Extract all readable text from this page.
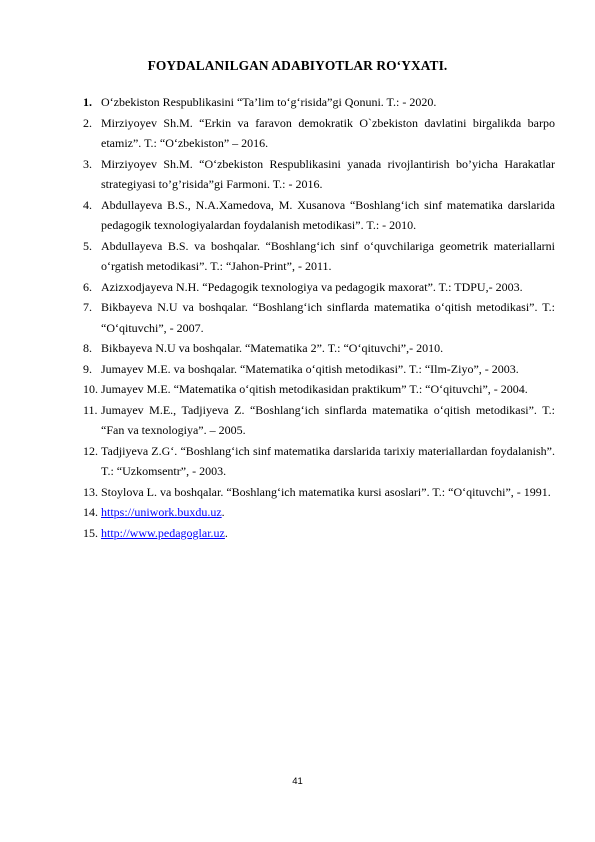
FOYDALANILGAN ADABIYOTLAR RO‘YXATI.
1. O‘zbekiston Respublikasini “Ta’lim to‘g‘risida”gi Qonuni. T.: - 2020.
2. Mirziyoyev Sh.M. “Erkin va faravon demokratik O`zbekiston davlatini birgalikda barpo etamiz”. T.: “O‘zbekiston” – 2016.
3. Mirziyoyev Sh.M. “O‘zbekiston Respublikasini yanada rivojlantirish bo’yicha Harakatlar strategiyasi to’g’risida”gi Farmoni. T.: - 2016.
4. Abdullayeva B.S., N.A.Xamedova, M. Xusanova “Boshlang‘ich sinf matematika darslarida pedagogik texnologiyalardan foydalanish metodikasi”. T.: - 2010.
5. Abdullayeva B.S. va boshqalar. “Boshlang‘ich sinf o‘quvchilariga geometrik materiallarni o‘rgatish metodikasi”. T.: “Jahon-Print”, - 2011.
6. Azizxodjayeva N.H. “Pedagogik texnologiya va pedagogik maxorat”. T.: TDPU,- 2003.
7. Bikbayeva N.U va boshqalar. “Boshlang‘ich sinflarda matematika o‘qitish metodikasi”. T.: “O‘qituvchi”, - 2007.
8. Bikbayeva N.U va boshqalar. “Matematika 2”. T.: “O‘qituvchi”,- 2010.
9. Jumayev M.E. va boshqalar. “Matematika o‘qitish metodikasi”. T.: “Ilm-Ziyo”, - 2003.
10. Jumayev M.E. “Matematika o‘qitish metodikasidan praktikum” T.: “O‘qituvchi”, - 2004.
11. Jumayev M.E., Tadjiyeva Z. “Boshlang‘ich sinflarda matematika o‘qitish metodikasi”. T.: “Fan va texnologiya”. – 2005.
12. Tadjiyeva Z.G‘. “Boshlang‘ich sinf matematika darslarida tarixiy materiallardan foydalanish”. T.: “Uzkomsentr”, - 2003.
13. Stoylova L. va boshqalar. “Boshlang‘ich matematika kursi asoslari”. T.: “O‘qituvchi”, - 1991.
14. https://uniwork.buxdu.uz.
15. http://www.pedagoglar.uz.
41
